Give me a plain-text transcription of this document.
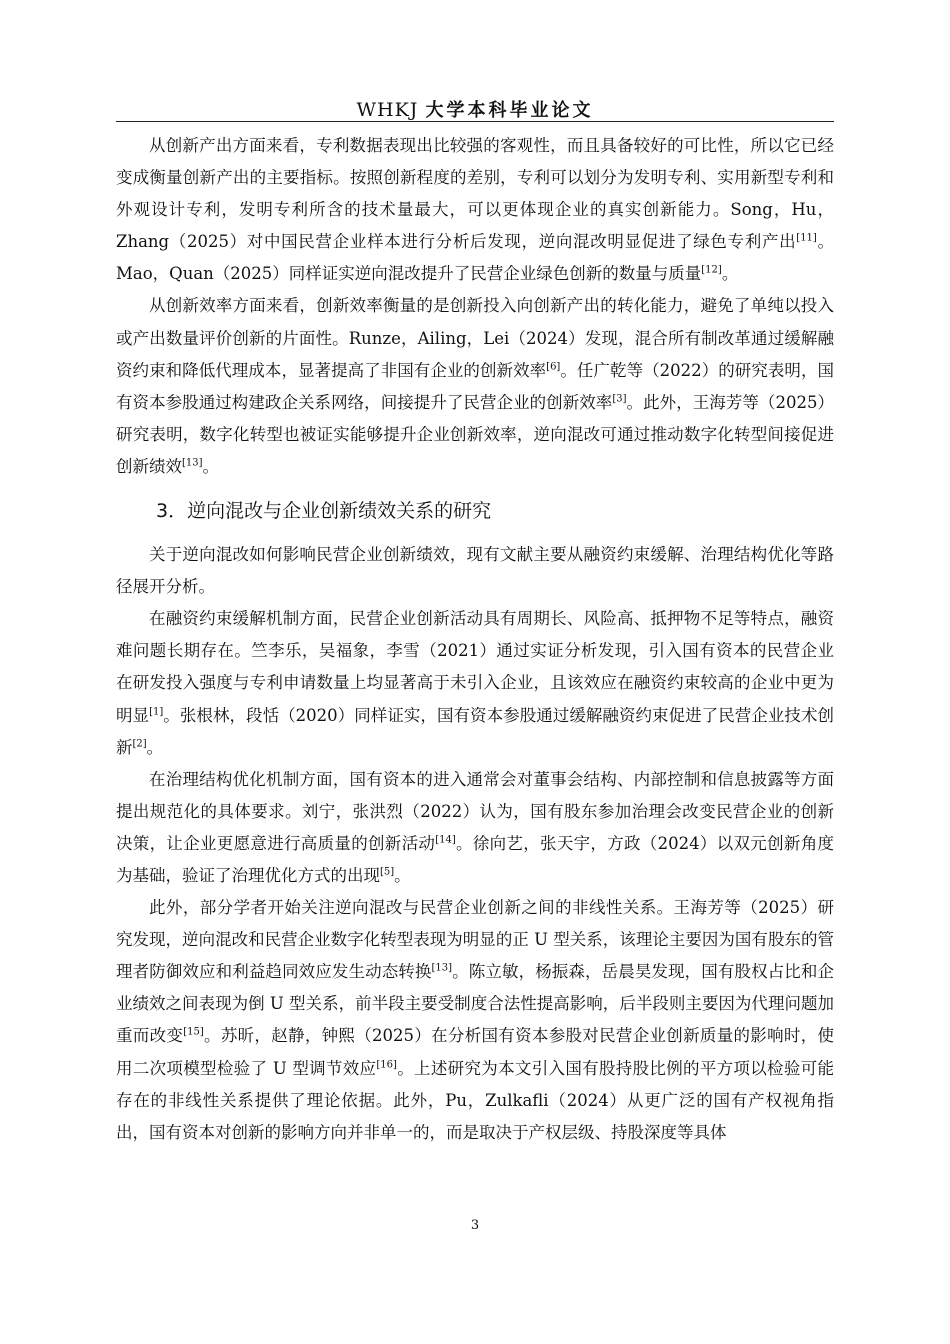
WHKJ 大学本科毕业论文

从创新产出方面来看，专利数据表现出比较强的客观性，而且具备较好的可比性，所以它已经变成衡量创新产出的主要指标。按照创新程度的差别，专利可以划分为发明专利、实用新型专利和外观设计专利，发明专利所含的技术量最大，可以更体现企业的真实创新能力。Song，Hu，Zhang（2025）对中国民营企业样本进行分析后发现，逆向混改明显促进了绿色专利产出[11]。Mao，Quan（2025）同样证实逆向混改提升了民营企业绿色创新的数量与质量[12]。

从创新效率方面来看，创新效率衡量的是创新投入向创新产出的转化能力，避免了单纯以投入或产出数量评价创新的片面性。Runze，Ailing，Lei（2024）发现，混合所有制改革通过缓解融资约束和降低代理成本，显著提高了非国有企业的创新效率[6]。任广乾等（2022）的研究表明，国有资本参股通过构建政企关系网络，间接提升了民营企业的创新效率[3]。此外，王海芳等（2025）研究表明，数字化转型也被证实能够提升企业创新效率，逆向混改可通过推动数字化转型间接促进创新绩效[13]。

3．逆向混改与企业创新绩效关系的研究

关于逆向混改如何影响民营企业创新绩效，现有文献主要从融资约束缓解、治理结构优化等路径展开分析。

在融资约束缓解机制方面，民营企业创新活动具有周期长、风险高、抵押物不足等特点，融资难问题长期存在。竺李乐，吴福象，李雪（2021）通过实证分析发现，引入国有资本的民营企业在研发投入强度与专利申请数量上均显著高于未引入企业，且该效应在融资约束较高的企业中更为明显[1]。张根林，段恬（2020）同样证实，国有资本参股通过缓解融资约束促进了民营企业技术创新[2]。

在治理结构优化机制方面，国有资本的进入通常会对董事会结构、内部控制和信息披露等方面提出规范化的具体要求。刘宁，张洪烈（2022）认为，国有股东参加治理会改变民营企业的创新决策，让企业更愿意进行高质量的创新活动[14]。徐向艺，张天宇，方政（2024）以双元创新角度为基础，验证了治理优化方式的出现[5]。

此外，部分学者开始关注逆向混改与民营企业创新之间的非线性关系。王海芳等（2025）研究发现，逆向混改和民营企业数字化转型表现为明显的正 U 型关系，该理论主要因为国有股东的管理者防御效应和利益趋同效应发生动态转换[13]。陈立敏，杨振森，岳晨昊发现，国有股权占比和企业绩效之间表现为倒 U 型关系，前半段主要受制度合法性提高影响，后半段则主要因为代理问题加重而改变[15]。苏昕，赵静，钟熙（2025）在分析国有资本参股对民营企业创新质量的影响时，使用二次项模型检验了 U 型调节效应[16]。上述研究为本文引入国有股持股比例的平方项以检验可能存在的非线性关系提供了理论依据。此外，Pu，Zulkafli（2024）从更广泛的国有产权视角指出，国有资本对创新的影响方向并非单一的，而是取决于产权层级、持股深度等具体

3
